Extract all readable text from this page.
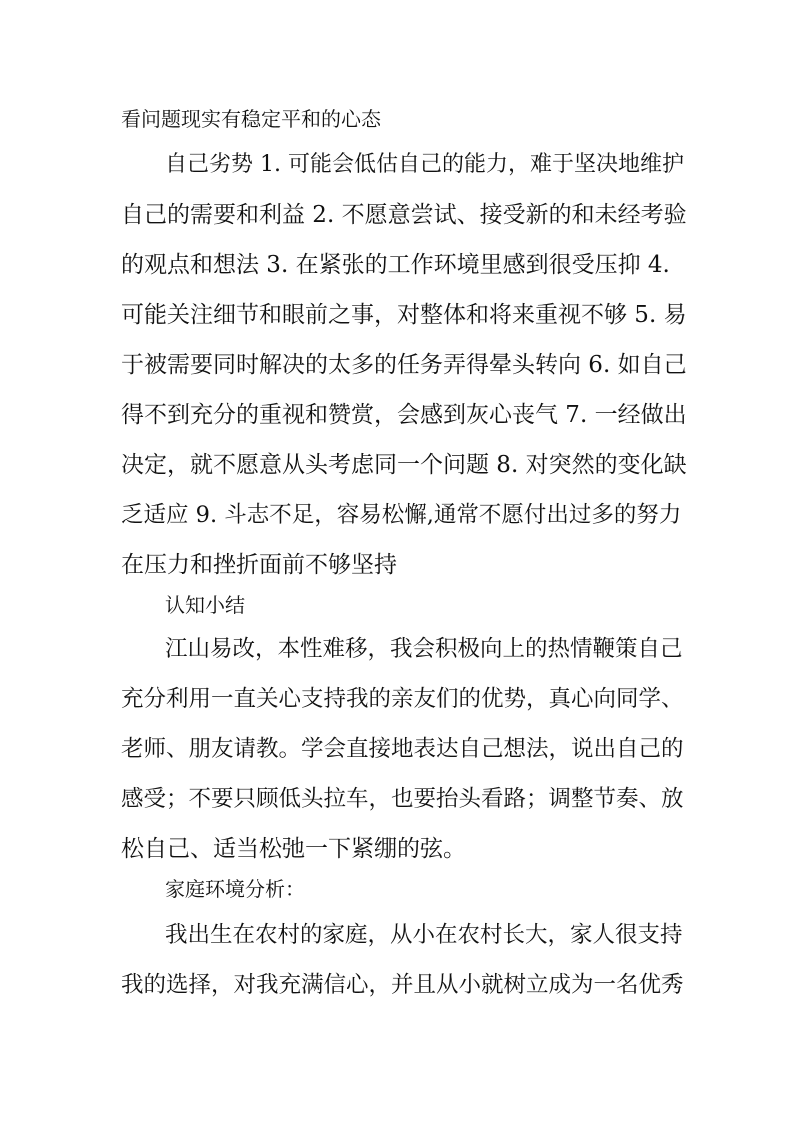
看问题现实有稳定平和的心态

自己劣势 1. 可能会低估自己的能力，难于坚决地维护

自己的需要和利益 2. 不愿意尝试、接受新的和未经考验

的观点和想法 3. 在紧张的工作环境里感到很受压抑 4.

可能关注细节和眼前之事，对整体和将来重视不够 5. 易

于被需要同时解决的太多的任务弄得晕头转向 6. 如自己

得不到充分的重视和赞赏，会感到灰心丧气 7. 一经做出

决定，就不愿意从头考虑同一个问题 8. 对突然的变化缺

乏适应 9. 斗志不足，容易松懈,通常不愿付出过多的努力

在压力和挫折面前不够坚持

认知小结

江山易改，本性难移，我会积极向上的热情鞭策自己

充分利用一直关心支持我的亲友们的优势，真心向同学、

老师、朋友请教。学会直接地表达自己想法，说出自己的

感受；不要只顾低头拉车，也要抬头看路；调整节奏、放

松自己、适当松弛一下紧绷的弦。

家庭环境分析：

我出生在农村的家庭，从小在农村长大，家人很支持

我的选择，对我充满信心，并且从小就树立成为一名优秀
